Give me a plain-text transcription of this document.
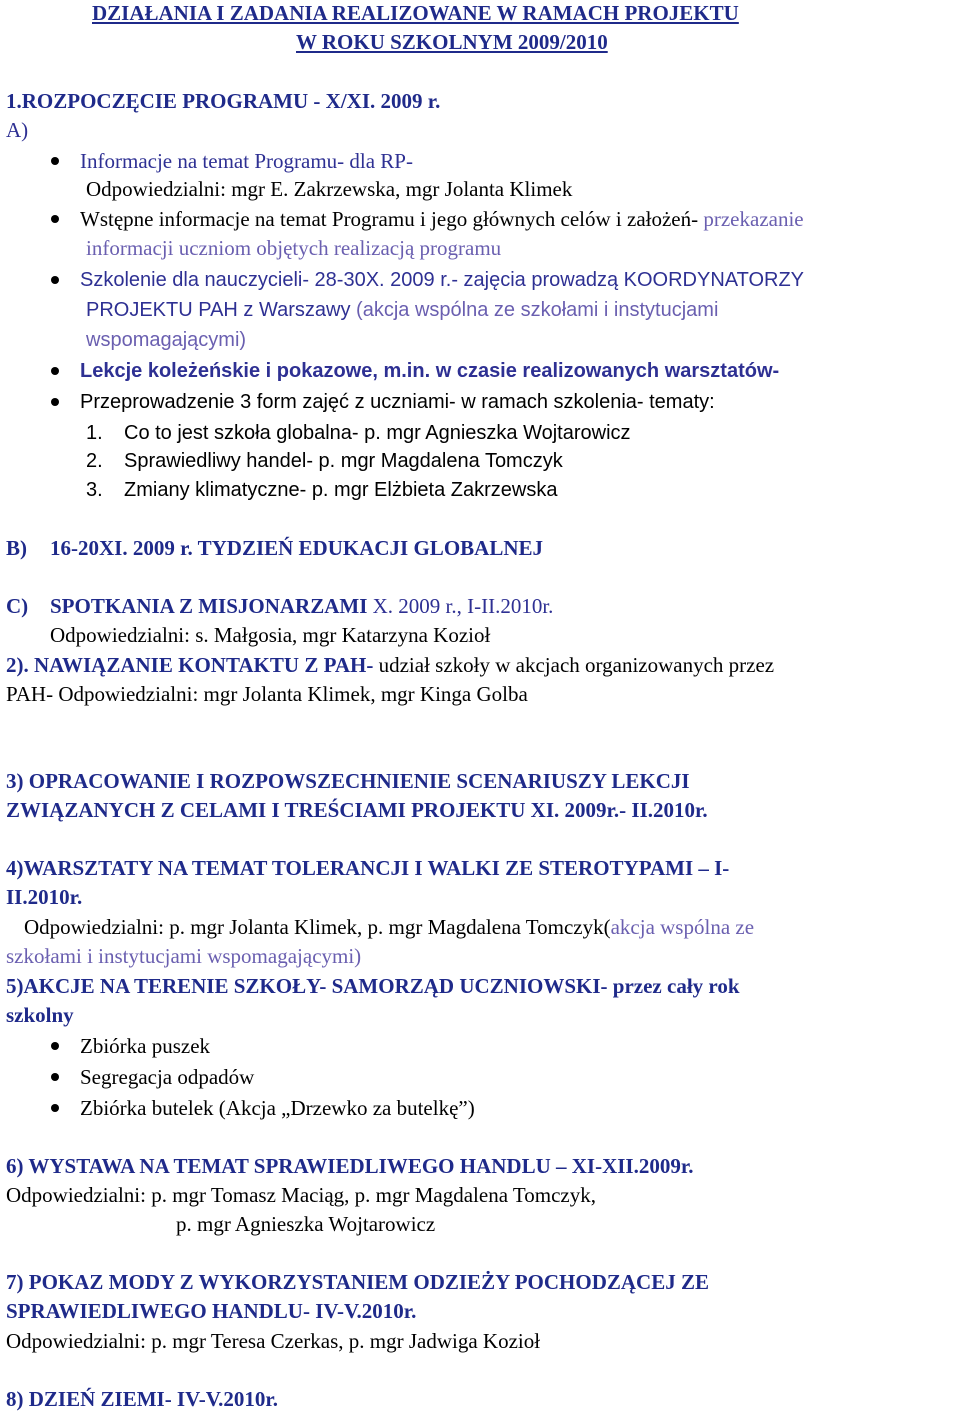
DZIAŁANIA I ZADANIA REALIZOWANE W RAMACH PROJEKTU
W ROKU SZKOLNYM 2009/2010
1.ROZPOCZĘCIE PROGRAMU - X/XI. 2009 r.
A)
Informacje na temat Programu- dla RP-
Odpowiedzialni: mgr E. Zakrzewska, mgr Jolanta Klimek
Wstępne informacje na temat Programu i jego głównych celów i założeń- przekazanie
informacji uczniom objętych realizacją programu
Szkolenie dla nauczycieli- 28-30X. 2009 r.- zajęcia prowadzą KOORDYNATORZY
PROJEKTU PAH z Warszawy (akcja wspólna ze szkołami i instytucjami
wspomagającymi)
Lekcje koleżeńskie i pokazowe, m.in. w czasie realizowanych warsztatów-
Przeprowadzenie 3 form zajęć z uczniami- w ramach szkolenia- tematy:
1. Co to jest szkoła globalna- p. mgr Agnieszka Wojtarowicz
2. Sprawiedliwy handel- p. mgr Magdalena Tomczyk
3. Zmiany klimatyczne- p. mgr Elżbieta Zakrzewska
B) 16-20XI. 2009 r. TYDZIEŃ EDUKACJI GLOBALNEJ
C) SPOTKANIA Z MISJONARZAMI X. 2009 r., I-II.2010r.
Odpowiedzialni: s. Małgosia, mgr Katarzyna Kozioł
2). NAWIĄZANIE KONTAKTU Z PAH- udział szkoły w akcjach organizowanych przez
PAH- Odpowiedzialni: mgr Jolanta Klimek, mgr Kinga Golba
3) OPRACOWANIE I ROZPOWSZECHNIENIE SCENARIUSZY LEKCJI
ZWIĄZANYCH Z CELAMI I TREŚCIAMI PROJEKTU XI. 2009r.- II.2010r.
4)WARSZTATY NA TEMAT TOLERANCJI I WALKI ZE STEROTYPAMI – I-
II.2010r.
Odpowiedzialni: p. mgr Jolanta Klimek, p. mgr Magdalena Tomczyk(akcja wspólna ze
szkołami i instytucjami wspomagającymi)
5)AKCJE NA TERENIE SZKOŁY- SAMORZĄD UCZNIOWSKI- przez cały rok
szkolny
Zbiórka puszek
Segregacja odpadów
Zbiórka butelek (Akcja „Drzewko za butelkę”)
6) WYSTAWA NA TEMAT SPRAWIEDLIWEGO HANDLU – XI-XII.2009r.
Odpowiedzialni: p. mgr Tomasz Maciąg, p. mgr Magdalena Tomczyk,
p. mgr Agnieszka Wojtarowicz
7) POKAZ MODY Z WYKORZYSTANIEM ODZIEŻY POCHODZĄCEJ ZE
SPRAWIEDLIWEGO HANDLU- IV-V.2010r.
Odpowiedzialni: p. mgr Teresa Czerkas, p. mgr Jadwiga Kozioł
8) DZIEŃ ZIEMI- IV-V.2010r.
